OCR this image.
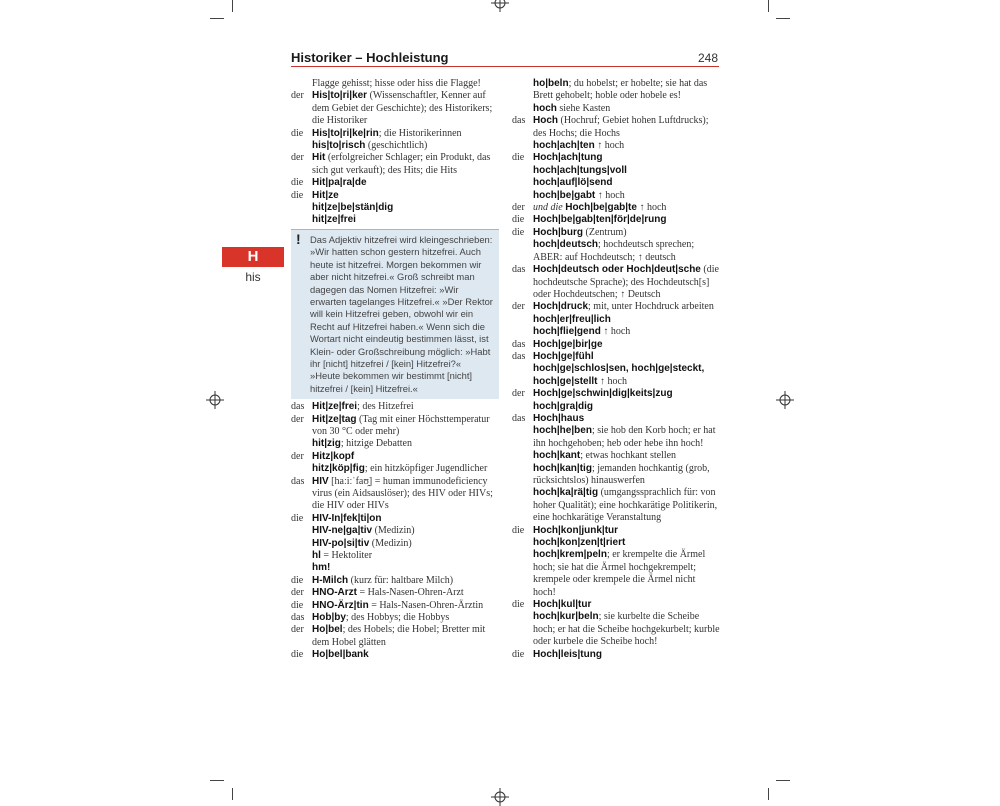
Historiker – Hochleistung	248
H
his
Flagge gehisst; hisse oder hiss die Flagge!
der His|to|ri|ker (Wissenschaftler, Kenner auf dem Gebiet der Geschichte); des Historikers; die Historiker
die His|to|ri|ke|rin; die Historikerinnen
his|to|risch (geschichtlich)
der Hit (erfolgreicher Schlager; ein Produkt, das sich gut verkauft); des Hits; die Hits
die Hit|pa|ra|de
die Hit|ze
hit|ze|be|stän|dig
hit|ze|frei
! Das Adjektiv hitzefrei wird kleingeschrieben: »Wir hatten schon gestern hitzefrei. Auch heute ist hitzefrei. Morgen bekommen wir aber nicht hitzefrei.« Groß schreibt man dagegen das Nomen Hitzefrei: »Wir erwarten tagelanges Hitzefrei.« »Der Rektor will kein Hitzefrei geben, obwohl wir ein Recht auf Hitzefrei haben.« Wenn sich die Wortart nicht eindeutig bestimmen lässt, ist Klein- oder Großschreibung möglich: »Habt ihr [nicht] hitzefrei / [kein] Hitzefrei?« »Heute bekommen wir bestimmt [nicht] hitzefrei / [kein] Hitzefrei.«
das Hit|ze|frei; des Hitzefrei
der Hit|ze|tag (Tag mit einer Höchsttemperatur von 30 °C oder mehr)
hit|zig; hitzige Debatten
der Hitz|kopf
hitz|köp|fig; ein hitzköpfiger Jugendlicher
das HIV [haːiːˈfaʊ̯] = human immunodeficiency virus (ein Aidsauslöser); des HIV oder HIVs; die HIV oder HIVs
die HIV-In|fek|ti|on
HIV-ne|ga|tiv (Medizin)
HIV-po|si|tiv (Medizin)
hl = Hektoliter
hm!
die H-Milch (kurz für: haltbare Milch)
der HNO-Arzt = Hals-Nasen-Ohren-Arzt
die HNO-Ärz|tin = Hals-Nasen-Ohren-Ärztin
das Hob|by; des Hobbys; die Hobbys
der Ho|bel; des Hobels; die Hobel; Bretter mit dem Hobel glätten
die Ho|bel|bank
ho|beln; du hobelst; er hobelte; sie hat das Brett gehobelt; hoble oder hobele es!
hoch siehe Kasten
das Hoch (Hochruf; Gebiet hohen Luftdrucks); des Hochs; die Hochs
hoch|ach|ten ↑ hoch
die Hoch|ach|tung
hoch|ach|tungs|voll
hoch|auf|lö|send
hoch|be|gabt ↑ hoch
der und die Hoch|be|gab|te ↑ hoch
die Hoch|be|gab|ten|för|de|rung
die Hoch|burg (Zentrum)
hoch|deutsch; hochdeutsch sprechen; ABER: auf Hochdeutsch; ↑ deutsch
das Hoch|deutsch oder Hoch|deut|sche (die hochdeutsche Sprache); des Hochdeutsch[s] oder Hochdeutschen; ↑ Deutsch
der Hoch|druck; mit, unter Hochdruck arbeiten
hoch|er|freu|lich
hoch|flie|gend ↑ hoch
das Hoch|ge|bir|ge
das Hoch|ge|fühl
hoch|ge|schlos|sen, hoch|ge|steckt, hoch|ge|stellt ↑ hoch
der Hoch|ge|schwin|dig|keits|zug
hoch|gra|dig
das Hoch|haus
hoch|he|ben; sie hob den Korb hoch; er hat ihn hochgehoben; heb oder hebe ihn hoch!
hoch|kant; etwas hochkant stellen
hoch|kan|tig; jemanden hochkantig (grob, rücksichtslos) hinauswerfen
hoch|ka|rä|tig (umgangssprachlich für: von hoher Qualität); eine hochkarätige Politikerin, eine hochkarätige Veranstaltung
die Hoch|kon|junk|tur
hoch|kon|zen|t|riert
hoch|krem|peln; er krempelte die Ärmel hoch; sie hat die Ärmel hochgekrempelt; krempele oder krempele die Ärmel nicht hoch!
die Hoch|kul|tur
hoch|kur|beln; sie kurbelte die Scheibe hoch; er hat die Scheibe hochgekurbelt; kurble oder kurbele die Scheibe hoch!
die Hoch|leis|tung
